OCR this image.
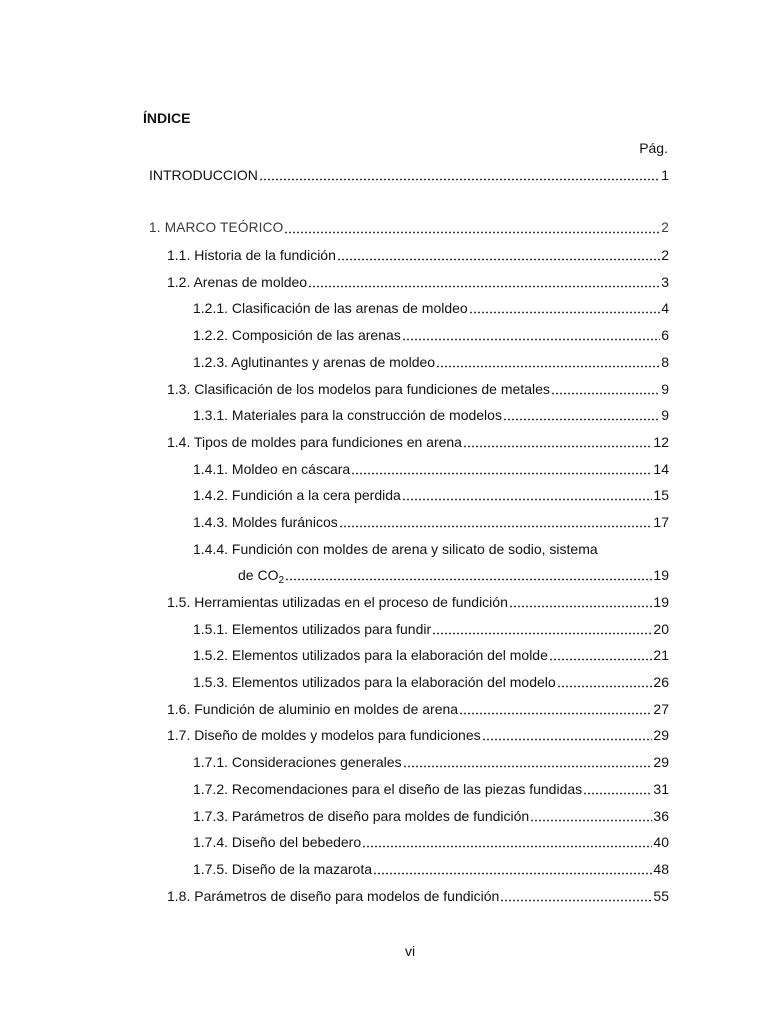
ÍNDICE
Pág.
INTRODUCCION	1
1. MARCO TEÓRICO	2
1.1. Historia de la fundición	2
1.2. Arenas de moldeo	3
1.2.1. Clasificación de las arenas de moldeo	4
1.2.2. Composición de las arenas	6
1.2.3. Aglutinantes y arenas de moldeo	8
1.3. Clasificación de los modelos para fundiciones de metales	9
1.3.1. Materiales para la construcción de modelos	9
1.4. Tipos de moldes para fundiciones en arena	12
1.4.1. Moldeo en cáscara	14
1.4.2. Fundición a la cera perdida	15
1.4.3. Moldes furánicos	17
1.4.4. Fundición con moldes de arena y silicato de sodio, sistema
de $CO_2$	19
1.5. Herramientas utilizadas en el proceso de fundición	19
1.5.1. Elementos utilizados para fundir	20
1.5.2. Elementos utilizados para la elaboración del molde	21
1.5.3. Elementos utilizados para la elaboración del modelo	26
1.6. Fundición de aluminio en moldes de arena	27
1.7. Diseño de moldes y modelos para fundiciones	29
1.7.1. Consideraciones generales	29
1.7.2. Recomendaciones para el diseño de las piezas fundidas	31
1.7.3. Parámetros de diseño para moldes de fundición	36
1.7.4. Diseño del bebedero	40
1.7.5. Diseño de la mazarota	48
1.8. Parámetros de diseño para modelos de fundición	55
vi
